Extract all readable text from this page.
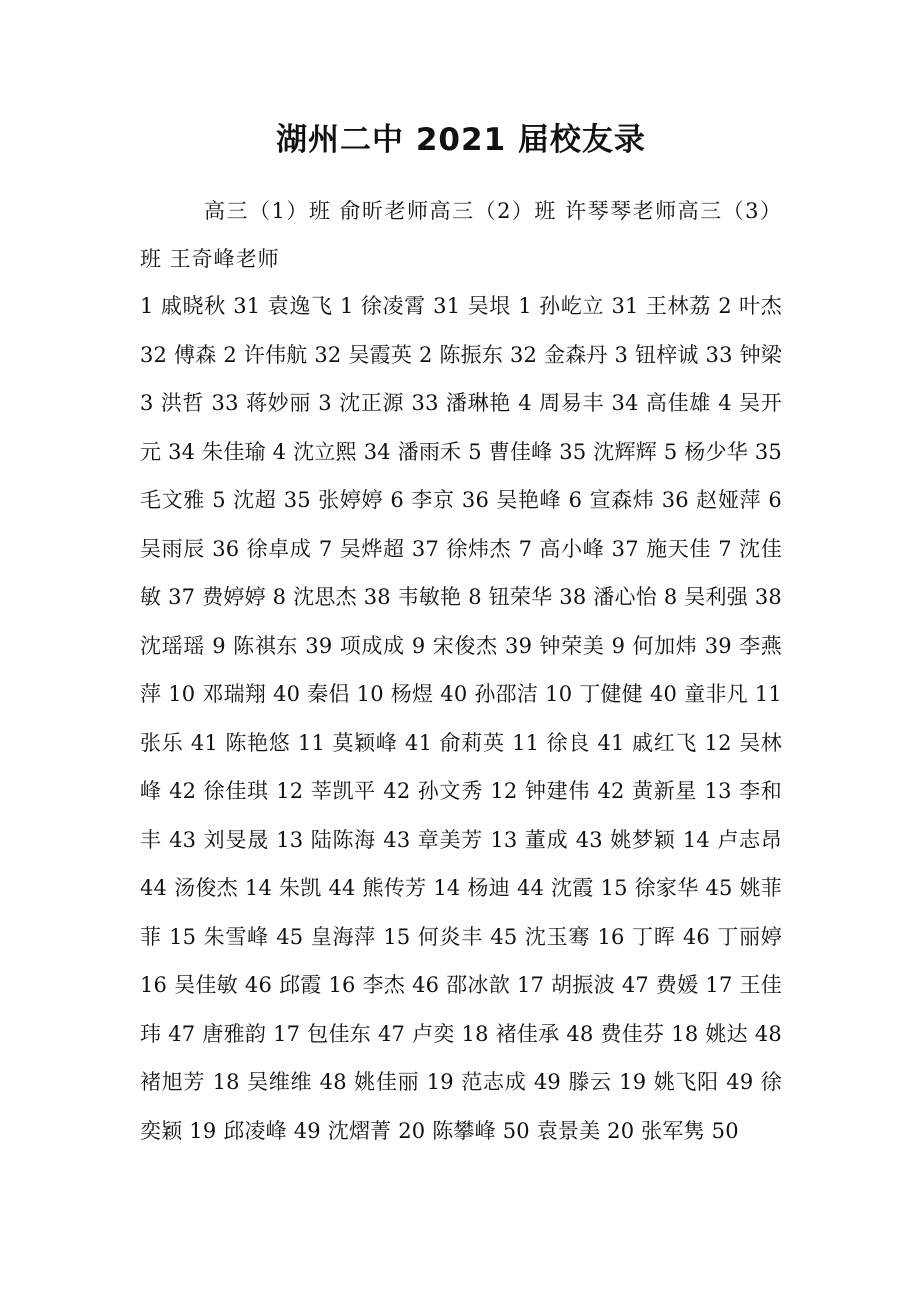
湖州二中 2021 届校友录

高三（1）班 俞昕老师高三（2）班 许琴琴老师高三（3）班 王奇峰老师

1 戚晓秋 31 袁逸飞 1 徐凌霄 31 吴垠 1 孙屹立 31 王林荔 2 叶杰 32 傅森 2 许伟航 32 吴霞英 2 陈振东 32 金森丹 3 钮梓诚 33 钟梁 3 洪哲 33 蒋妙丽 3 沈正源 33 潘琳艳 4 周易丰 34 高佳雄 4 吴开元 34 朱佳瑜 4 沈立熙 34 潘雨禾 5 曹佳峰 35 沈辉辉 5 杨少华 35 毛文雅 5 沈超 35 张婷婷 6 李京 36 吴艳峰 6 宣森炜 36 赵娅萍 6 吴雨辰 36 徐卓成 7 吴烨超 37 徐炜杰 7 高小峰 37 施天佳 7 沈佳敏 37 费婷婷 8 沈思杰 38 韦敏艳 8 钮荣华 38 潘心怡 8 吴利强 38 沈瑶瑶 9 陈祺东 39 项成成 9 宋俊杰 39 钟荣美 9 何加炜 39 李燕萍 10 邓瑞翔 40 秦侣 10 杨煜 40 孙邵洁 10 丁健健 40 童非凡 11 张乐 41 陈艳悠 11 莫颖峰 41 俞莉英 11 徐良 41 戚红飞 12 吴林峰 42 徐佳琪 12 莘凯平 42 孙文秀 12 钟建伟 42 黄新星 13 李和丰 43 刘旻晟 13 陆陈海 43 章美芳 13 董成 43 姚梦颖 14 卢志昂 44 汤俊杰 14 朱凯 44 熊传芳 14 杨迪 44 沈霞 15 徐家华 45 姚菲菲 15 朱雪峰 45 皇海萍 15 何炎丰 45 沈玉骞 16 丁晖 46 丁丽婷 16 吴佳敏 46 邱霞 16 李杰 46 邵冰歆 17 胡振波 47 费媛 17 王佳玮 47 唐雅韵 17 包佳东 47 卢奕 18 褚佳承 48 费佳芬 18 姚达 48 褚旭芳 18 吴维维 48 姚佳丽 19 范志成 49 滕云 19 姚飞阳 49 徐奕颖 19 邱凌峰 49 沈熠菁 20 陈攀峰 50 袁景美 20 张军隽 50
